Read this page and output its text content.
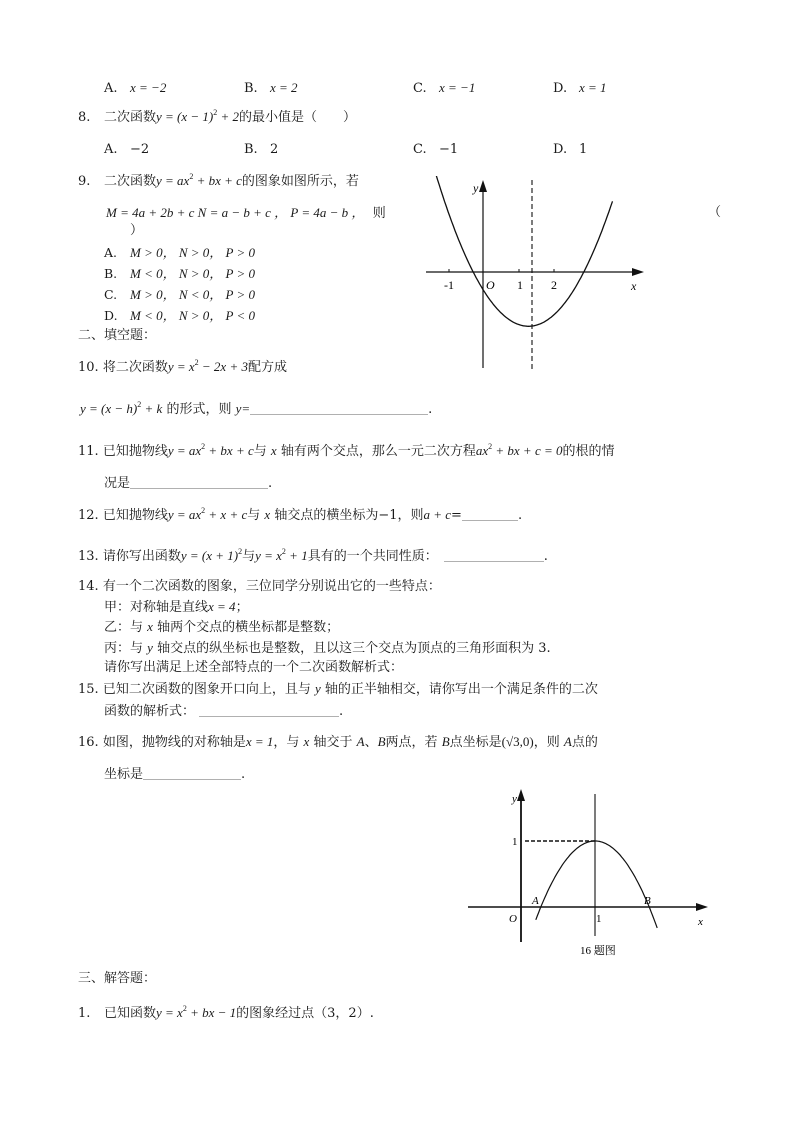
A. x = −2	B. x = 2	C. x = −1	D. x = 1
8. 二次函数$y = (x - 1)^2 + 2$的最小值是（　　）
A. −2	B. 2	C. −1	D. 1
9. 二次函数$y = ax^2$ + bx + c的图象如图所示，若
M = 4a + 2b + c N = a − b + c ， P = 4a − b ， 则	（
）
A. M > 0， N > 0， P > 0
B. M < 0， N > 0， P > 0
C. M > 0， N < 0， P > 0
D. M < 0， N > 0， P < 0
-1	O 1 2	x
y
二、填空题：
10. 将二次函数$y = x^2 - 2x + 3$配方成
$y = (x - h)^2 + k$ 的形式，则 y=	.
11. 已知抛物线$y = ax^2$ + bx + c与 x 轴有两个交点，那么一元二次方程$ax^2$ + bx + c = 0的根的情
况是	.
12. 已知抛物线$y = ax^2 + x + c$与 x 轴交点的横坐标为−1，则a + c=	.
13. 请你写出函数$y = (x + 1)^2$与$y = x^2 + 1$具有的一个共同性质：	.
14. 有一个二次函数的图象，三位同学分别说出它的一些特点：
甲：对称轴是直线x = 4；
乙：与 x 轴两个交点的横坐标都是整数；
丙：与 y 轴交点的纵坐标也是整数，且以这三个交点为顶点的三角形面积为 3.
请你写出满足上述全部特点的一个二次函数解析式：
15. 已知二次函数的图象开口向上，且与 y 轴的正半轴相交，请你写出一个满足条件的二次
函数的解析式：	.
16. 如图，抛物线的对称轴是x = 1，与 x 轴交于 A、B两点，若 B点坐标是(√3,0)，则 A点的
坐标是	.
1
O	1
A	B
x
y
16 题图
三、解答题：
1. 已知函数$y = x^2$ + bx − 1的图象经过点（3，2）.
